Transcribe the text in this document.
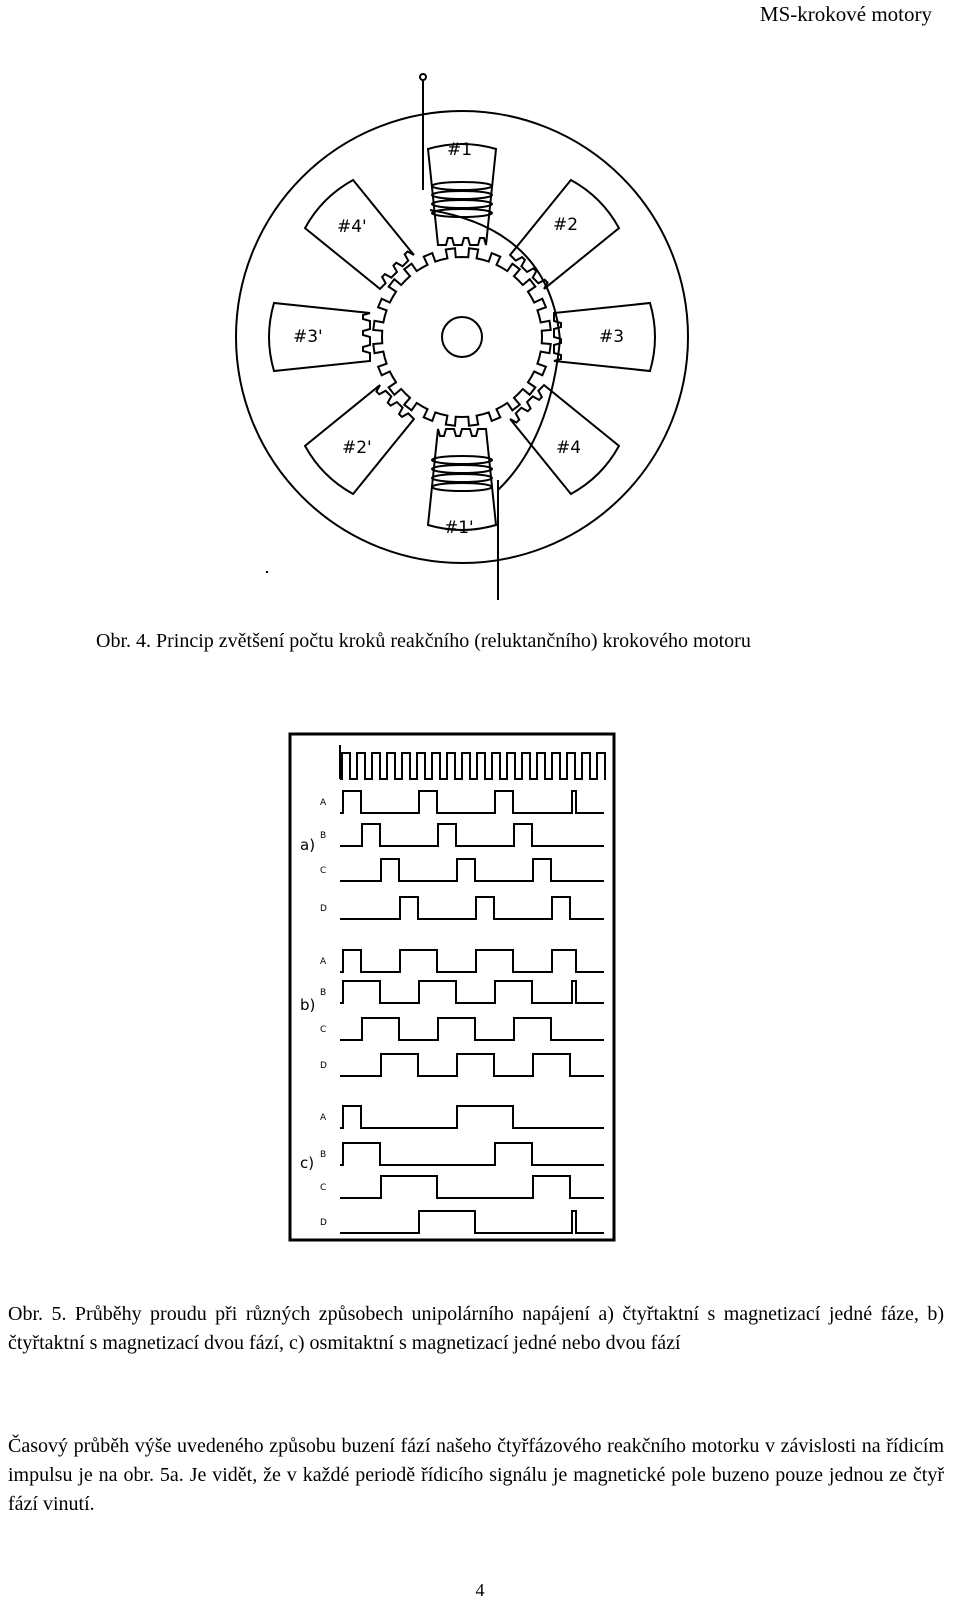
MS-krokové motory
#1
#2
#3
#4
#1'
#2'
#3'
#4'
Obr. 4. Princip zvětšení počtu kroků reakčního (reluktančního) krokového motoru
a)
b)
c)
A
B
C
D
A
B
C
D
A
B
C
D
Obr. 5. Průběhy proudu při různých způsobech unipolárního napájení a) čtyřtaktní s magnetizací jedné fáze, b) čtyřtaktní s magnetizací dvou fází, c) osmitaktní s magnetizací jedné nebo dvou fází
Časový průběh výše uvedeného způsobu buzení fází našeho čtyřfázového reakčního motorku v závislosti na řídicím impulsu je na obr. 5a. Je vidět, že v každé periodě řídicího signálu je magnetické pole buzeno pouze jednou ze čtyř fází vinutí.
4
